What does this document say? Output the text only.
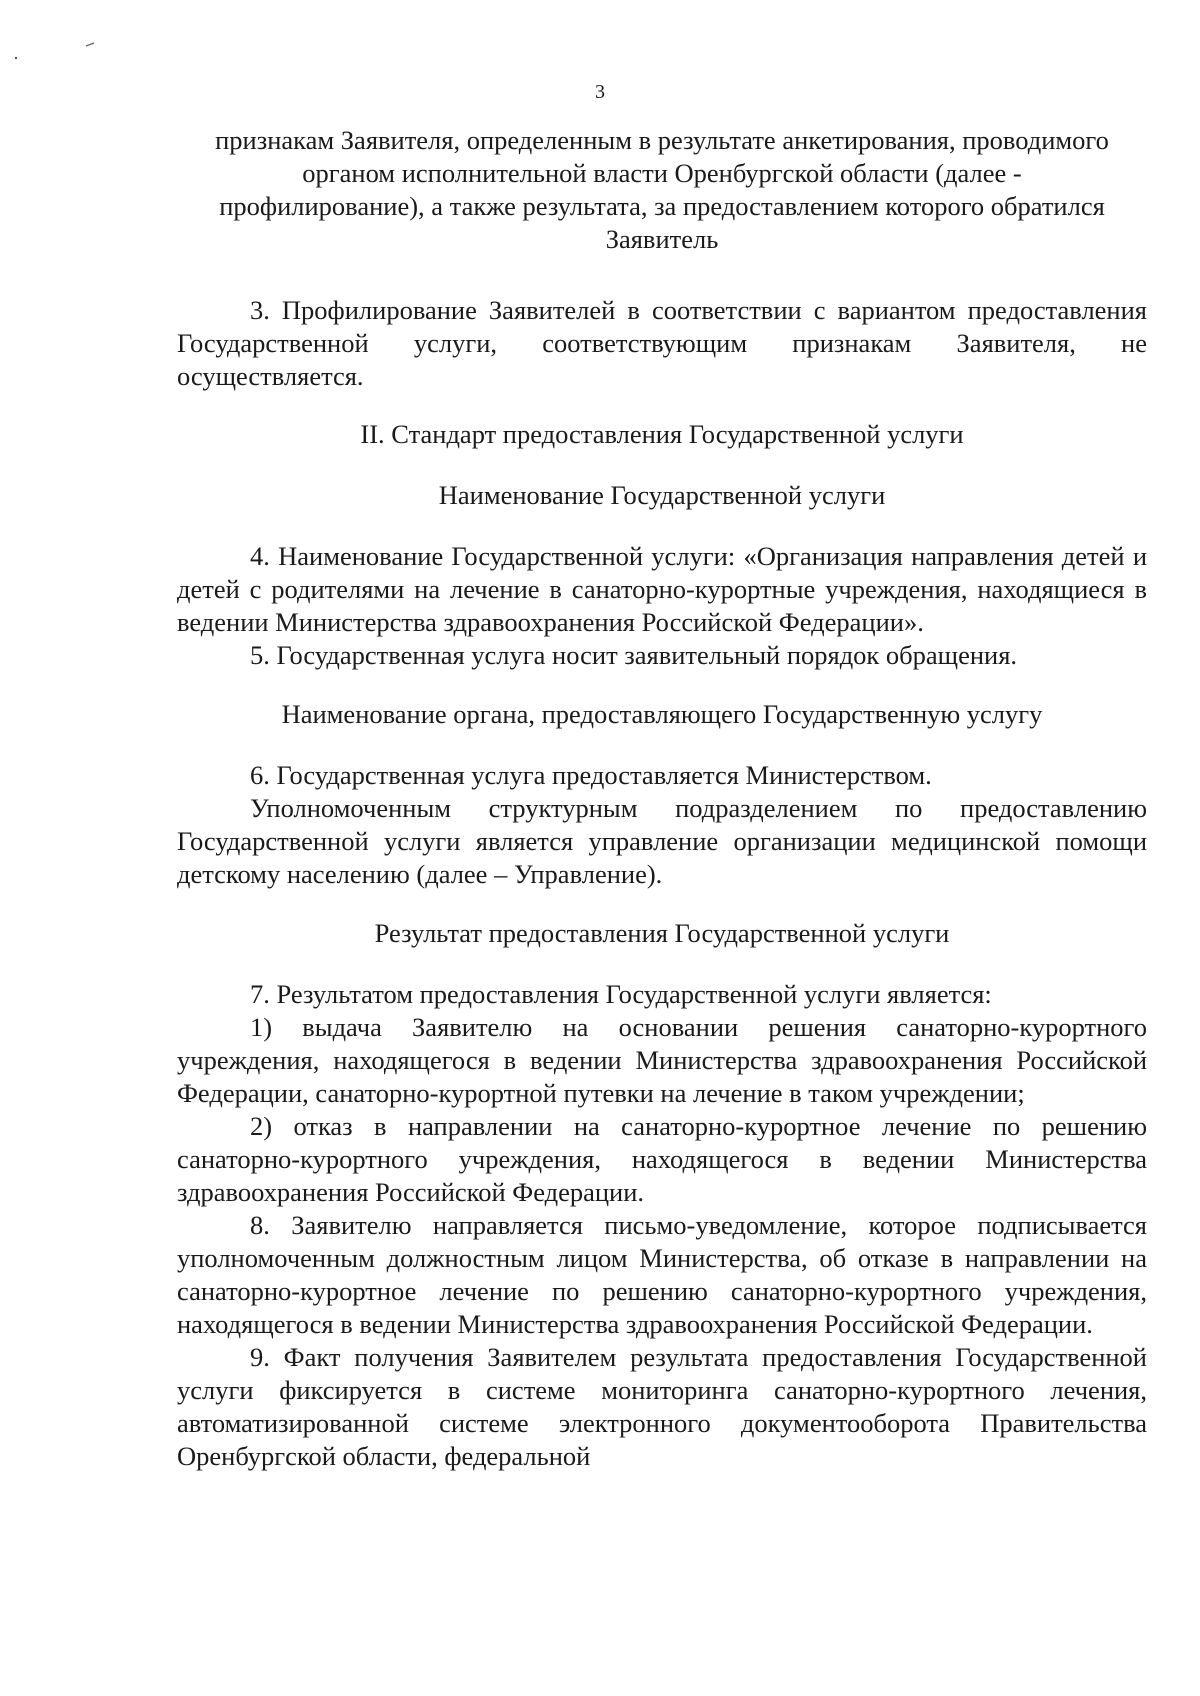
3
признакам Заявителя, определенным в результате анкетирования, проводимого
органом исполнительной власти Оренбургской области (далее -
профилирование), а также результата, за предоставлением которого обратился
Заявитель

3. Профилирование Заявителей в соответствии с вариантом предоставления Государственной услуги, соответствующим признакам Заявителя, не осуществляется.

II. Стандарт предоставления Государственной услуги

Наименование Государственной услуги

4. Наименование Государственной услуги: «Организация направления детей и детей с родителями на лечение в санаторно-курортные учреждения, находящиеся в ведении Министерства здравоохранения Российской Федерации».

5. Государственная услуга носит заявительный порядок обращения.

Наименование органа, предоставляющего Государственную услугу

6. Государственная услуга предоставляется Министерством.

Уполномоченным структурным подразделением по предоставлению Государственной услуги является управление организации медицинской помощи детскому населению (далее – Управление).

Результат предоставления Государственной услуги

7. Результатом предоставления Государственной услуги является:

1) выдача Заявителю на основании решения санаторно-курортного учреждения, находящегося в ведении Министерства здравоохранения Российской Федерации, санаторно-курортной путевки на лечение в таком учреждении;

2) отказ в направлении на санаторно-курортное лечение по решению санаторно-курортного учреждения, находящегося в ведении Министерства здравоохранения Российской Федерации.

8. Заявителю направляется письмо-уведомление, которое подписывается уполномоченным должностным лицом Министерства, об отказе в направлении на санаторно-курортное лечение по решению санаторно-курортного учреждения, находящегося в ведении Министерства здравоохранения Российской Федерации.

9. Факт получения Заявителем результата предоставления Государственной услуги фиксируется в системе мониторинга санаторно-курортного лечения, автоматизированной системе электронного документооборота Правительства Оренбургской области, федеральной
